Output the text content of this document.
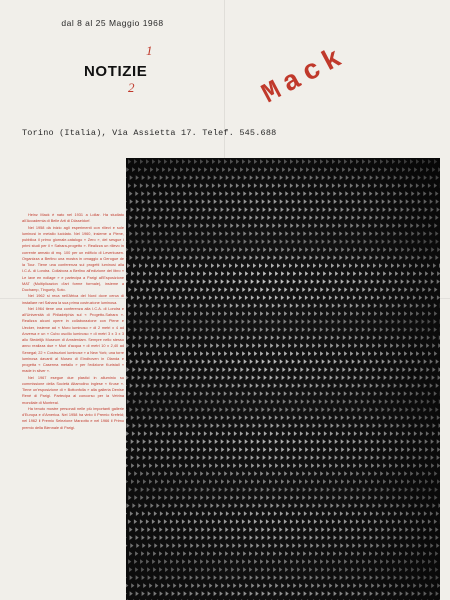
dal 8 al 25 Maggio 1968
1
NOTIZIE
2
Torino (Italia), Via Assietta 17. Telef. 545.688
Mack

Heinz Mack è nato nel 1931 a Lollar. Ha studiato all'Accademia di Belle Arti di Düsseldorf.

Nel 1958 dà inizio agli esperimenti con rilievi e sole luminosi in metallo lucidato. Nel 1960, insieme a Piene, pubblica il primo giornale-catalogo « Zero », del sesgue i primi studi per il « Sahara-progetto ». Realizza un rilievo in corrente armato di mq. 100 per un edificio di Leverkusen. Organizza a Berlino una mostra in omaggio a Gerogue de la Tour. Tiene una conferenza sui progetti luminosi alla I.C.A. di Londra. Collabora a Berlino all'edizione del libro « Le lave en nollage » e partecipa a Parigi all'Esposizione MAT (Multiplicazion d'art forme formale), insieme a Duchamp, Tinguely, Soto.

Nel 1962 si reca nell'Africa del Nord dove cerca di installare nel Sahara la sua prima costruzione luminosa.

Nel 1964 tiene una conferenza alla I.C.A. di Londra e all'Università di Philadelphia sul « Progetto-Sahara ». Realizza alcuni opere in collaborazione con Piene e Uecker, insieme ad « Muro luminoso » di 2 metri x 4 ad Anversa e un « Cubo oscillo luminoso » di metri 3 x 3 x 3 allo Stedelijk Museum di Amsterdam. Sempre nello stesso anno realizza due « Muri d'acqua » di metri 10 x 2,40 ad Senegal; 22 « Costruzioni luminose » a New York; una torre luminosa davanti al Museo di Eindhoven in Olanda e progetta « Caserma metallo » per l'edizione Kuristall « made in silver ».

Nel 1967 esegue due plastici in alluminio su commissione della Società Altamolino inglese « Kruse ». Tiene un'esposizione di « Bottonfolla » alla galleria Denise René di Parigi. Partecipa al concorso per la Vetrina mondiale di Montreal.

Ha tenuto mostre personali nelle più importanti gallerie d'Europa e d'America. Nel 1958 ha vinto il Premio Krefeld; nel 1962 il Premio Selezione Marzotto e nel 1966 il Primo premio della Biennale di Parigi.
